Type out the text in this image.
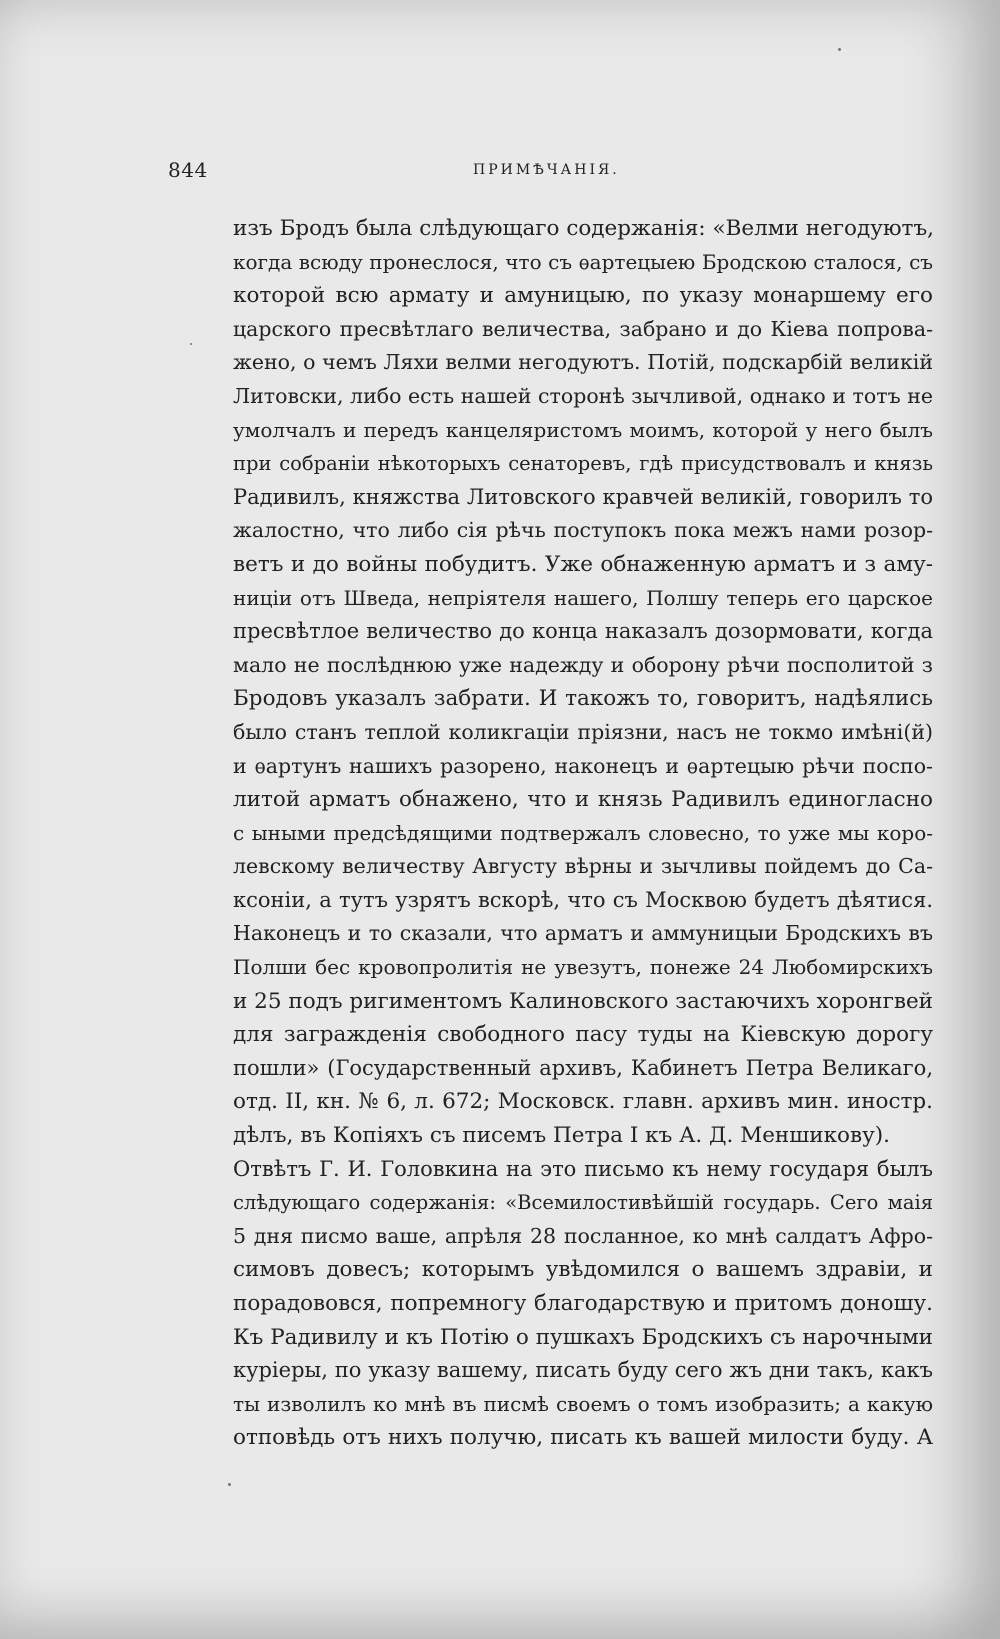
844	ПРИМѢЧАНІЯ.
изъ Бродъ была слѣдующаго содержанія: «Велми негодуютъ,
когда всюду пронеслося, что съ ѳартецыею Бродскою сталося, съ
которой всю армату и амуницыю, по указу монаршему его
царского пресвѣтлаго величества, забрано и до Кіева попрова-
жено, о чемъ Ляхи велми негодуютъ. Потій, подскарбій великій
Литовски, либо есть нашей сторонѣ зычливой, однако и тотъ не
умолчалъ и передъ канцеляристомъ моимъ, которой у него былъ
при собраніи нѣкоторыхъ сенаторевъ, гдѣ присудствовалъ и князь
Радивилъ, княжства Литовского кравчей великій, говорилъ то
жалостно, что либо сія рѣчь поступокъ пока межъ нами розор-
ветъ и до войны побудитъ. Уже обнаженную арматъ и з аму-
ниціи отъ Шведа, непріятеля нашего, Полшу теперь его царское
пресвѣтлое величество до конца наказалъ дозормовати, когда
мало не послѣднюю уже надежду и оборону рѣчи посполитой з
Бродовъ указалъ забрати. И такожъ то, говоритъ, надѣялись
было станъ теплой коликгаціи пріязни, насъ не токмо имѣні(й)
и ѳартунъ нашихъ разорено, наконецъ и ѳартецыю рѣчи поспо-
литой арматъ обнажено, что и князь Радивилъ единогласно
с ыными предсѣдящими подтвержалъ словесно, то уже мы коро-
левскому величеству Августу вѣрны и зычливы пойдемъ до Са-
ксоніи, а тутъ узрятъ вскорѣ, что съ Москвою будетъ дѣятися.
Наконецъ и то сказали, что арматъ и аммуницыи Бродскихъ въ
Полши бес кровопролитія не увезутъ, понеже 24 Любомирскихъ
и 25 подъ ригиментомъ Калиновского застаючихъ хоронгвей
для загражденія свободного пасу туды на Кіевскую дорогу
пошли» (Государственный архивъ, Кабинетъ Петра Великаго,
отд. II, кн. № 6, л. 672; Московск. главн. архивъ мин. иностр.
дѣлъ, въ Копіяхъ съ писемъ Петра I къ А. Д. Меншикову).
Отвѣтъ Г. И. Головкина на это письмо къ нему государя былъ
слѣдующаго содержанія: «Всемилостивѣйшій государь. Сего маія
5 дня писмо ваше, апрѣля 28 посланное, ко мнѣ салдатъ Афро-
симовъ довесъ; которымъ увѣдомился о вашемъ здравіи, и
порадововся, попремногу благодарствую и притомъ доношу.
Къ Радивилу и къ Потію о пушкахъ Бродскихъ съ нарочными
куріеры, по указу вашему, писать буду сего жъ дни такъ, какъ
ты изволилъ ко мнѣ въ писмѣ своемъ о томъ изобразить; а какую
отповѣдь отъ нихъ получю, писать къ вашей милости буду. А
